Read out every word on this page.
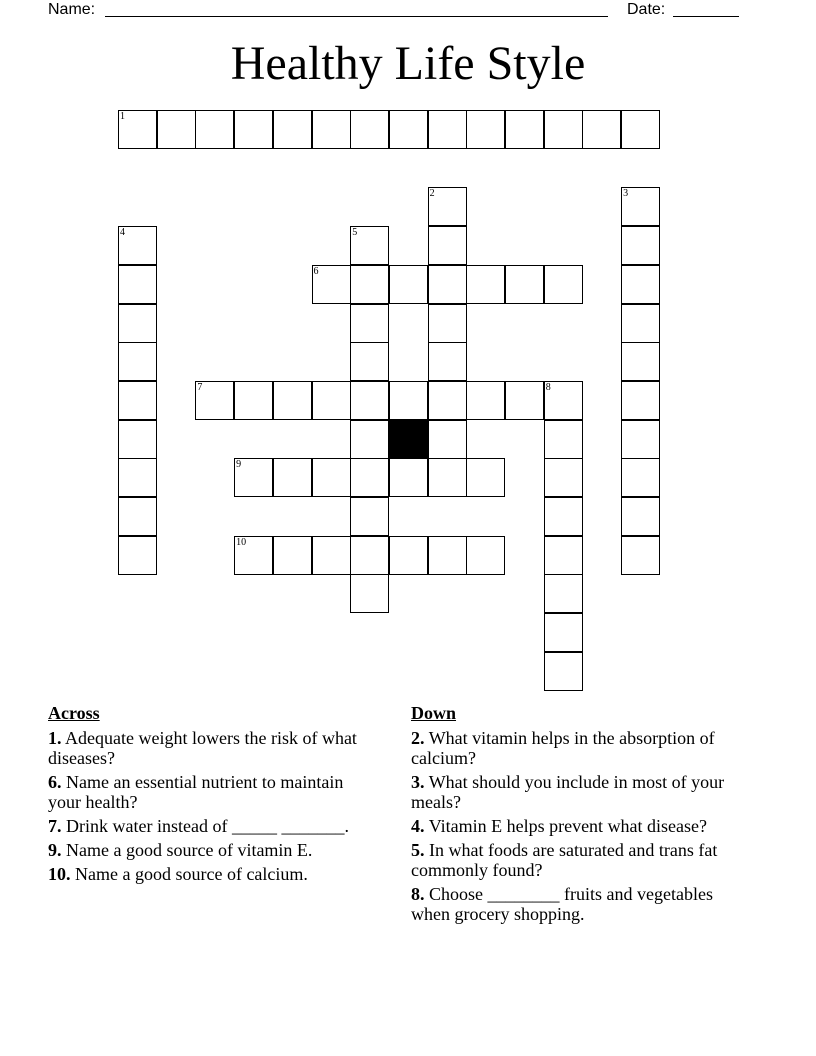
Name:	Date:
Healthy Life Style
1
2	3
4	5
6
7	8
9
10
Across
1. Adequate weight lowers the risk of what diseases?
6. Name an essential nutrient to maintain your health?
7. Drink water instead of _____ _______.
9. Name a good source of vitamin E.
10. Name a good source of calcium.
Down
2. What vitamin helps in the absorption of calcium?
3. What should you include in most of your meals?
4. Vitamin E helps prevent what disease?
5. In what foods are saturated and trans fat commonly found?
8. Choose ________ fruits and vegetables when grocery shopping.
